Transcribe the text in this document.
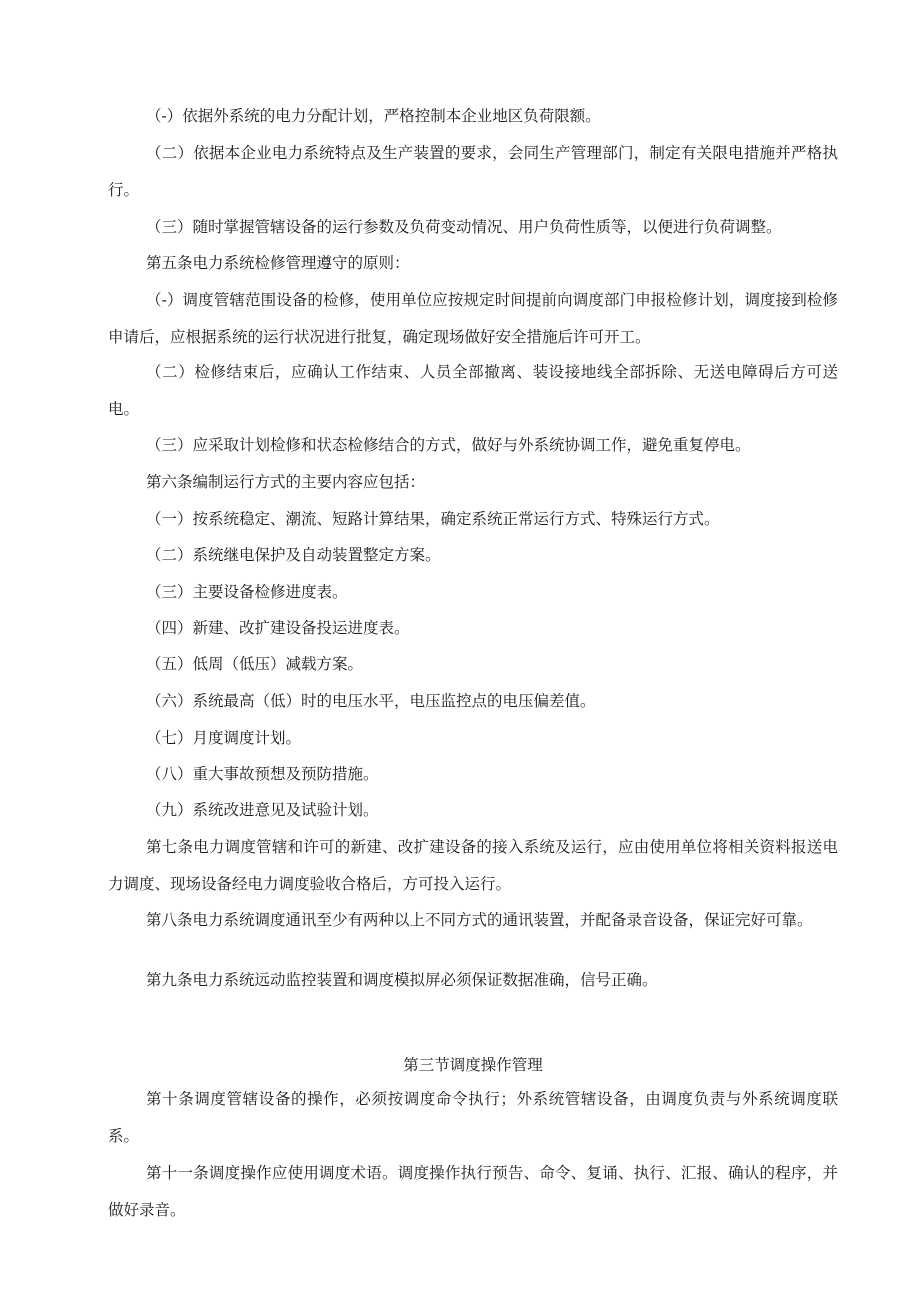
（-）依据外系统的电力分配计划，严格控制本企业地区负荷限额。

（二）依据本企业电力系统特点及生产装置的要求，会同生产管理部门，制定有关限电措施并严格执行。

（三）随时掌握管辖设备的运行参数及负荷变动情况、用户负荷性质等，以便进行负荷调整。

第五条电力系统检修管理遵守的原则：

（-）调度管辖范围设备的检修，使用单位应按规定时间提前向调度部门申报检修计划，调度接到检修申请后，应根据系统的运行状况进行批复，确定现场做好安全措施后许可开工。

（二）检修结束后，应确认工作结束、人员全部撤离、装设接地线全部拆除、无送电障碍后方可送电。

（三）应采取计划检修和状态检修结合的方式，做好与外系统协调工作，避免重复停电。

第六条编制运行方式的主要内容应包括：

（一）按系统稳定、潮流、短路计算结果，确定系统正常运行方式、特殊运行方式。

（二）系统继电保护及自动装置整定方案。

（三）主要设备检修进度表。

（四）新建、改扩建设备投运进度表。

（五）低周（低压）减载方案。

（六）系统最高（低）时的电压水平，电压监控点的电压偏差值。

（七）月度调度计划。

（八）重大事故预想及预防措施。

（九）系统改进意见及试验计划。

第七条电力调度管辖和许可的新建、改扩建设备的接入系统及运行，应由使用单位将相关资料报送电力调度、现场设备经电力调度验收合格后，方可投入运行。

第八条电力系统调度通讯至少有两种以上不同方式的通讯装置，并配备录音设备，保证完好可靠。

第九条电力系统远动监控装置和调度模拟屏必须保证数据准确，信号正确。

第三节调度操作管理

第十条调度管辖设备的操作，必须按调度命令执行；外系统管辖设备，由调度负责与外系统调度联系。

第十一条调度操作应使用调度术语。调度操作执行预告、命令、复诵、执行、汇报、确认的程序，并做好录音。
